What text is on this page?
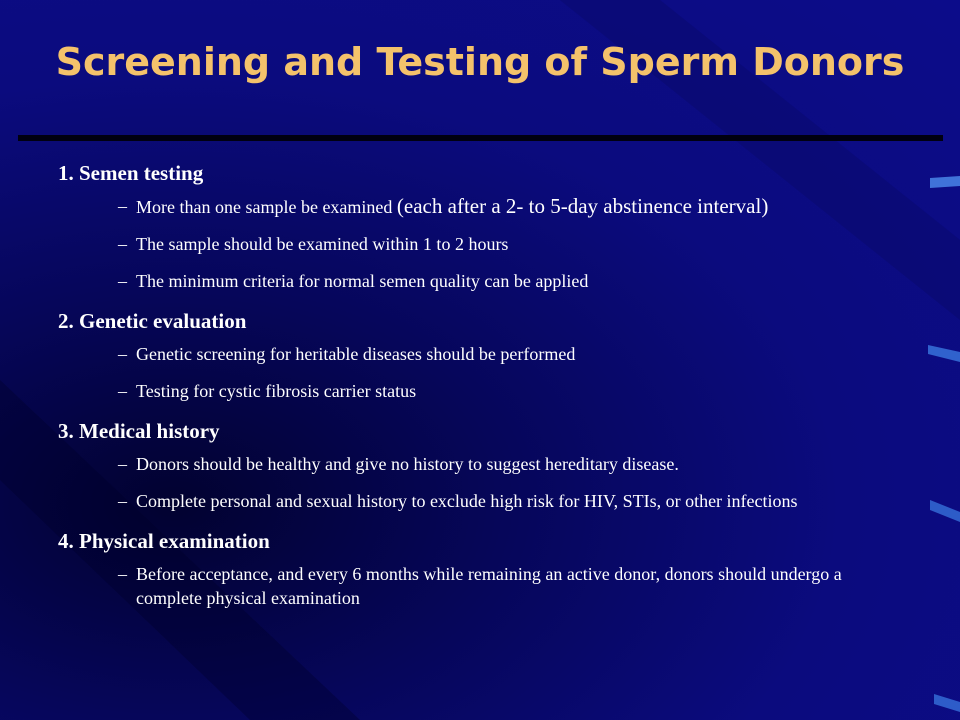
Screening and Testing of Sperm Donors
1. Semen testing
– More than one sample be examined (each after a 2- to 5-day abstinence interval)
– The sample should be examined within 1 to 2 hours
– The minimum criteria for normal semen quality can be applied
2. Genetic evaluation
– Genetic screening for heritable diseases should be performed
– Testing for cystic fibrosis carrier status
3. Medical history
– Donors should be healthy and give no history to suggest hereditary disease.
– Complete personal and sexual history to exclude high risk for HIV, STIs, or other infections
4. Physical examination
– Before acceptance, and every 6 months while remaining an active donor, donors should undergo a complete physical examination
